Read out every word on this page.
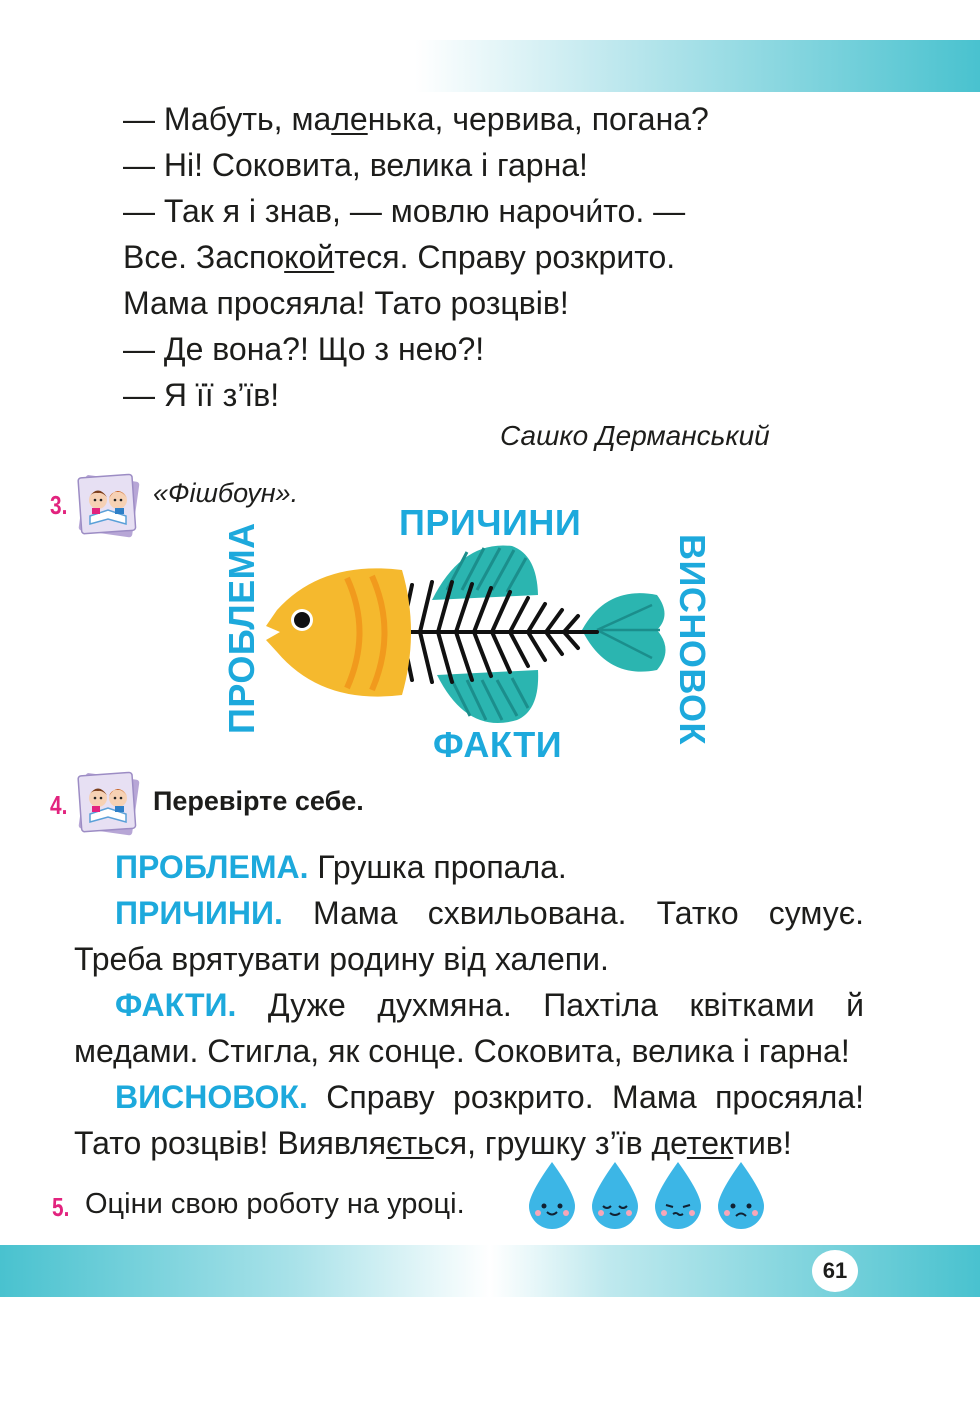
— Мабуть, маленька, червива, погана?
— Ні! Соковита, велика і гарна!
— Так я і знав, — мовлю нарочи́то. —
Все. Заспокойтеся. Справу розкрито.
Мама просяяла! Тато розцвів!
— Де вона?! Що з нею?!
— Я її з’їв!
Сашко Дерманський
3.	«Фішбоун».
ПРИЧИНИ
ФАКТИ
ПРОБЛЕМА	ВИСНОВОК
4.	Перевірте себе.

ПРОБЛЕМА. Грушка пропала.

ПРИЧИНИ. Мама схвильована. Татко сумує. Треба врятувати родину від халепи.

ФАКТИ. Дуже духмяна. Пахтіла квітками й медами. Стигла, як сонце. Соковита, велика і гарна!

ВИСНОВОК. Справу розкрито. Мама просяяла! Тато розцвів! Виявляється, грушку з’їв детектив!

5. Оціни свою роботу на уроці.
61
